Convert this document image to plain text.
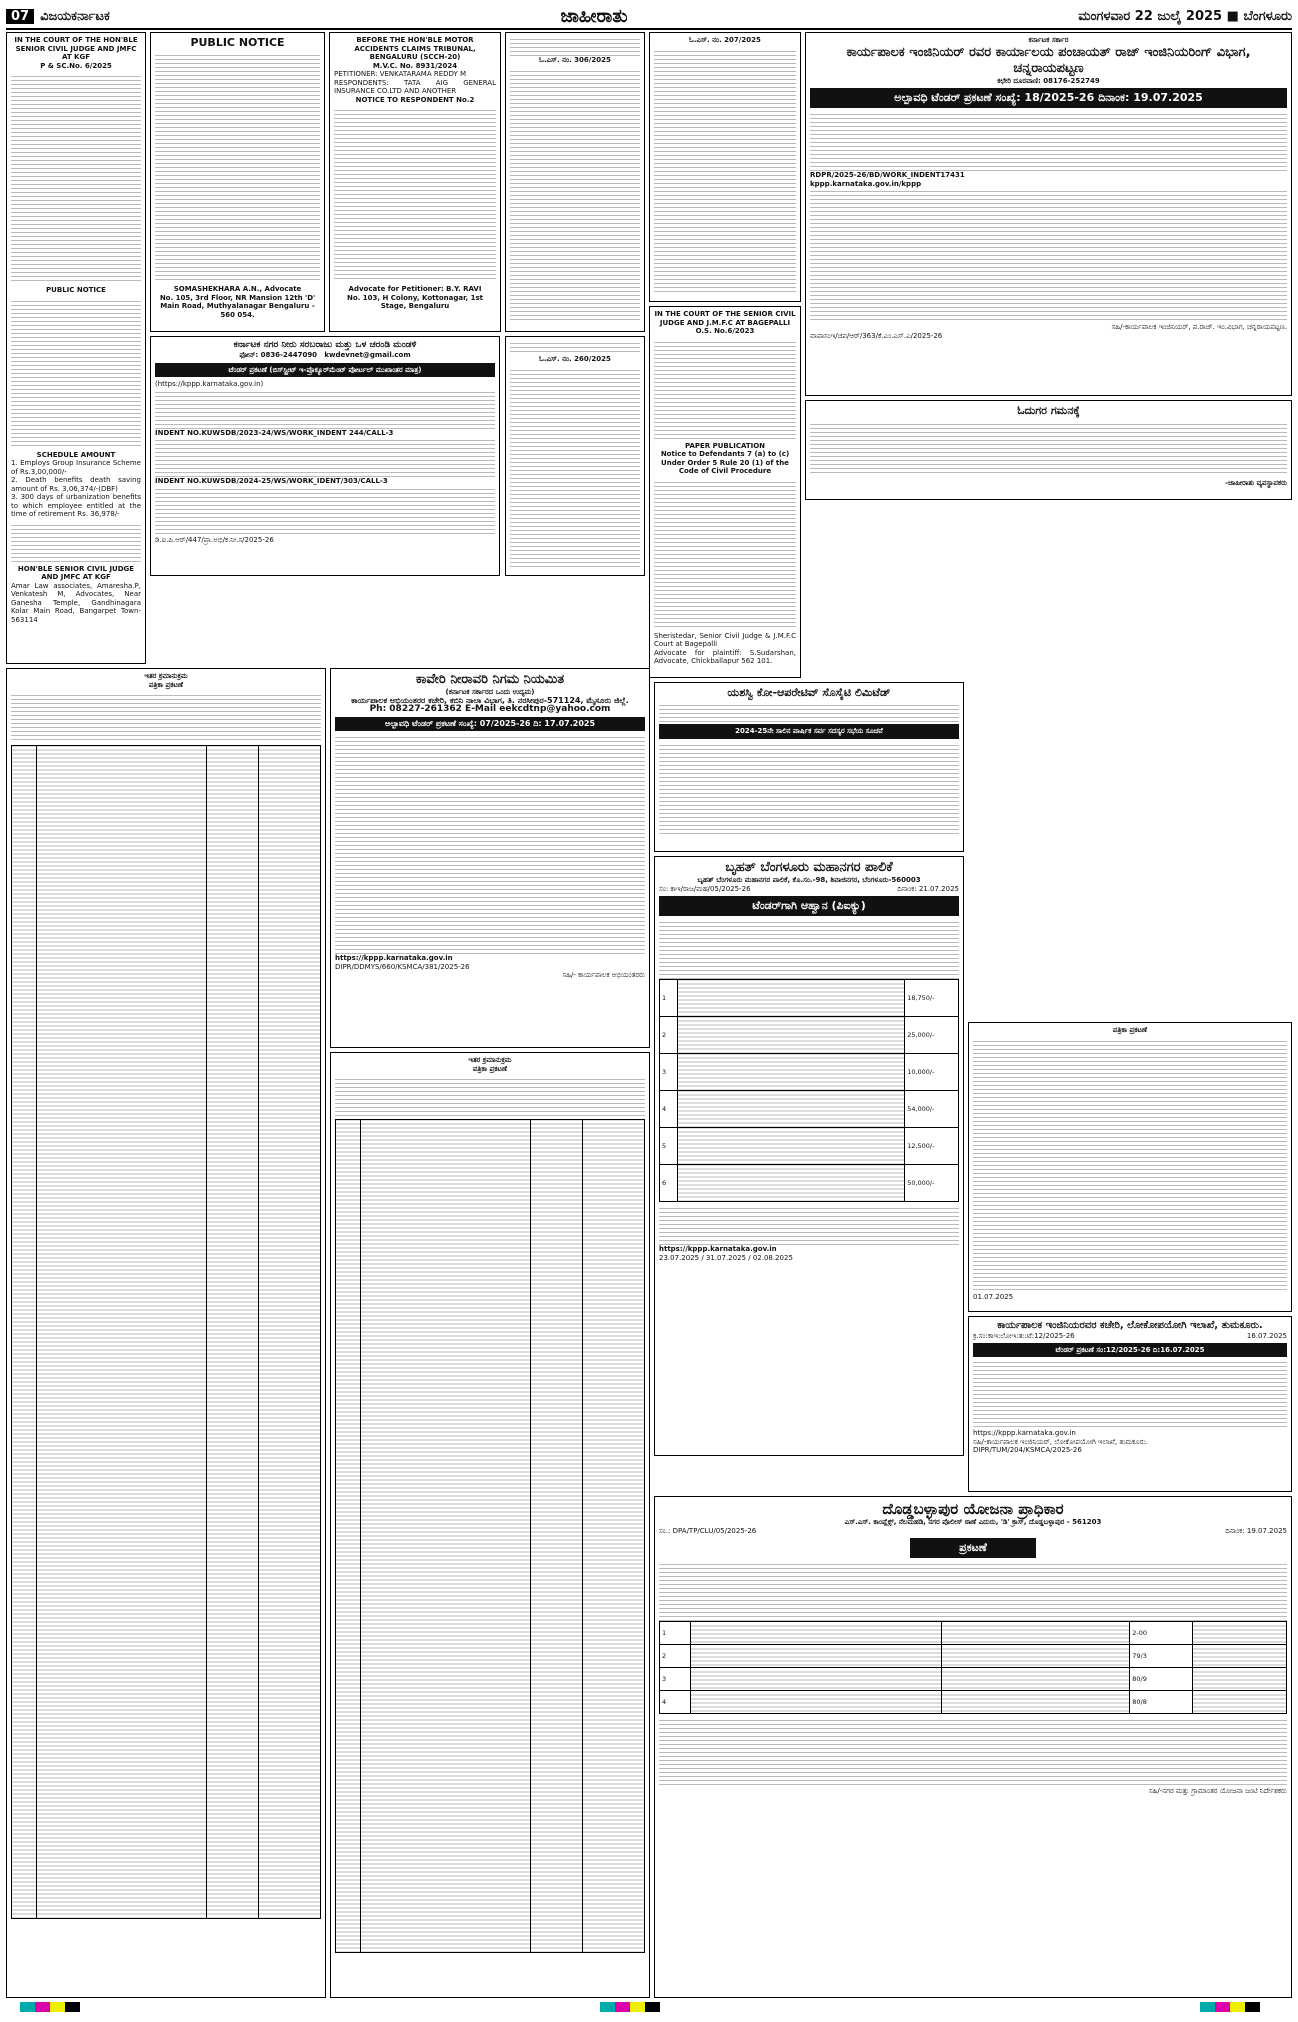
07 ವಿಜಯಕರ್ನಾಟಕ	ಜಾಹೀರಾತು	ಮಂಗಳವಾರ 22 ಜುಲೈ 2025 ■ ಬೆಂಗಳೂರು
IN THE COURT OF THE HON'BLE SENIOR CIVIL JUDGE AND JMFC AT KGF
P & SC.No. 6/2025
PUBLIC NOTICE
SCHEDULE AMOUNT
1. Employs Group Insurance Scheme of Rs.3,00,000/-
2. Death benefits death saving amount of Rs. 3,06,374/-(DBF)
3. 300 days of urbanization benefits to which employee entitled at the time of retirement Rs. 36,978/-
HON'BLE SENIOR CIVIL JUDGE AND JMFC AT KGF
Amar Law associates, Amaresha.P, Venkatesh M, Advocates, Near Ganesha Temple, Gandhinagara Kolar Main Road, Bangarpet Town-563114
PUBLIC NOTICE
SOMASHEKHARA A.N., Advocate
No. 105, 3rd Floor, NR Mansion 12th 'D' Main Road, Muthyalanagar Bengaluru - 560 054.
BEFORE THE HON'BLE MOTOR ACCIDENTS CLAIMS TRIBUNAL, BENGALURU (SCCH-20)
M.V.C. No. 8931/2024
PETITIONER: VENKATARAMA REDDY M
RESPONDENTS: TATA AIG GENERAL INSURANCE CO.LTD AND ANOTHER
NOTICE TO RESPONDENT No.2
Advocate for Petitioner: B.Y. RAVI
No. 103, H Colony, Kottonagar, 1st Stage, Bengaluru
ಓ.ಎಸ್. ನಂ. 306/2025
ಓ.ಎಸ್. ನಂ. 207/2025
ಕರ್ನಾಟಕ ನಗರ ನೀರು ಸರಬರಾಜು ಮತ್ತು ಒಳ ಚರಂಡಿ ಮಂಡಳಿ
ಫೋನ್: 0836-2447090 kwdevnet@gmail.com
ಟೆಂಡರ್ ಪ್ರಕಟಣೆ (ಬಿಸ್‌ಸ್ಟ್ರೀಟ್ ಇ-ಪ್ರೊಕ್ಯೂರ್‌ಮೆಂಟ್ ಪೋರ್ಟಲ್ ಮುಖಾಂತರ ಮಾತ್ರ)
(https://kppp.karnataka.gov.in)
INDENT NO.KUWSDB/2023-24/WS/WORK_INDENT 244/CALL-3
INDENT NO.KUWSDB/2024-25/WS/WORK_IDENT/303/CALL-3
ಡಿ.ಐ.ಪಿ.ಆರ್/447/ಪ್ರಾ.ಅಭಿ/ಕ.ನೀ.ಸ/2025-26
ಓ.ಎಸ್. ನಂ. 260/2025
IN THE COURT OF THE SENIOR CIVIL JUDGE AND J.M.F.C AT BAGEPALLI
O.S. No.6/2023
PAPER PUBLICATION
Notice to Defendants 7 (a) to (c) Under Order 5 Rule 20 (1) of the Code of Civil Procedure
Sheristedar, Senior Civil Judge & J.M.F.C Court at Bagepalli
Advocate for plaintiff: S.Sudarshan, Advocate, Chickballapur 562 101.
ಕರ್ನಾಟಕ ಸರ್ಕಾರ
ಕಾರ್ಯಪಾಲಕ ಇಂಜಿನಿಯರ್ ರವರ ಕಾರ್ಯಾಲಯ ಪಂಚಾಯತ್ ರಾಜ್ ಇಂಜಿನಿಯರಿಂಗ್ ವಿಭಾಗ, ಚನ್ನರಾಯಪಟ್ಟಣ
ಕಛೇರಿ ದೂರವಾಣಿ: 08176-252749
ಅಲ್ಪಾವಧಿ ಟೆಂಡರ್ ಪ್ರಕಟಣೆ ಸಂಖ್ಯೆ: 18/2025-26 ದಿನಾಂಕ: 19.07.2025
RDPR/2025-26/BD/WORK_INDENT17431
kppp.karnataka.gov.in/kppp
ಸಹಿ/-ಕಾರ್ಯಪಾಲಕ ಇಂಜಿನಿಯರ್, ಪ.ರಾಜ್. ಇಂ.ವಿಭಾಗ, ಚನ್ನರಾಯಪಟ್ಟಣ.
ವಾಪಾಸಂಇ/ಚಪ/ಆರ್/363/ಕೆ.ಎಂ.ಎಸ್.ಎ/2025-26
ಓದುಗರ ಗಮನಕ್ಕೆ
-ಜಾಹೀರಾತು ವ್ಯವಸ್ಥಾಪಕರು
ಇತರ ಕ್ರಮಾನುಕ್ರಮ
ಪತ್ರಿಕಾ ಪ್ರಕಟಣೆ
				ಕಾವೇರಿ ನೀರಾವರಿ ನಿಗಮ ನಿಯಮಿತ
(ಕರ್ನಾಟಕ ಸರ್ಕಾರದ ಒಂದು ಉದ್ಯಮ)
ಕಾರ್ಯಪಾಲಕ ಅಭಿಯಂತರರ ಕಚೇರಿ, ಕಬಿನಿ ನಾಲಾ ವಿಭಾಗ, ತಿ. ನರಸೀಪುರ-571124, ಮೈಸೂರು ಜಿಲ್ಲೆ.
Ph: 08227-261362 E-Mail eekcdtnp@yahoo.com
ಅಲ್ಪಾವಧಿ ಟೆಂಡರ್ ಪ್ರಕಟಣೆ ಸಂಖ್ಯೆ: 07/2025-26 ದಿ: 17.07.2025
https://kppp.karnataka.gov.in
DIPR/DDMYS/660/KSMCA/381/2025-26
ಸಹಿ/- ಕಾರ್ಯಪಾಲಕ ಅಭಿಯಂತರರು
ಇತರ ಕ್ರಮಾನುಕ್ರಮ
ಪತ್ರಿಕಾ ಪ್ರಕಟಣೆ

ಯಶಸ್ವಿ ಕೋ-ಆಪರೇಟಿವ್ ಸೊಸೈಟಿ ಲಿಮಿಟೆಡ್
2024-25ನೇ ಸಾಲಿನ ವಾರ್ಷಿಕ ಸರ್ವ ಸದಸ್ಯರ ಸಭೆಯ ಸೂಚನೆ
ಬೃಹತ್ ಬೆಂಗಳೂರು ಮಹಾನಗರ ಪಾಲಿಕೆ
ಬೃಹತ್ ಬೆಂಗಳೂರು ಮಹಾನಗರ ಪಾಲಿಕೆ, ಕೊ.ಸಂ.-98, ಶಿವಾಜಿನಗರ, ಬೆಂಗಳೂರು-560003
ಸಂ: ಕಾಇ/ರಾಜ/ಮಹ/05/2025-26	ದಿನಾಂಕ: 21.07.2025
ಟೆಂಡರ್‌ಗಾಗಿ ಆಹ್ವಾನ (ಪಿಐಕ್ಯು)
1		18,750/-
2		25,000/-
3		10,000/-
4		54,000/-
5		12,500/-
6		50,000/-
https://kppp.karnataka.gov.in
23.07.2025 / 31.07.2025 / 02.08.2025
ಪತ್ರಿಕಾ ಪ್ರಕಟಣೆ
01.07.2025
ಕಾರ್ಯಪಾಲಕ ಇಂಜಿನಿಯರವರ ಕಚೇರಿ, ಲೋಕೋಪಯೋಗಿ ಇಲಾಖೆ, ತುಮಕೂರು.
ಕ್ರ.ಸಂ:ಕಾಇ:ಲೋಇ:ತು:ಟೆ:12/2025-26	16.07.2025
ಟೆಂಡರ್ ಪ್ರಕಟಣೆ ಸಂ:12/2025-26 ದಿ:16.07.2025
https://kppp.karnataka.gov.in
ಸಹಿ/-ಕಾರ್ಯಪಾಲಕ ಇಂಜಿನಿಯರ್, ಲೋಕೋಪಯೋಗಿ ಇಲಾಖೆ, ತುಮಕೂರು.
DIPR/TUM/204/KSMCA/2025-26
ದೊಡ್ಡಬಳ್ಳಾಪುರ ಯೋಜನಾ ಪ್ರಾಧಿಕಾರ
ಎಸ್.ಎಸ್. ಕಾಂಪ್ಲೆಕ್ಸ್, ನೆಲಮಹಡಿ, ನಗರ ಪೊಲೀಸ್ ಠಾಣೆ ಎದುರು, 'ಡಿ' ಕ್ರಾಸ್, ದೊಡ್ಡಬಳ್ಳಾಪುರ - 561203
ಸಂ.: DPA/TP/CLU/05/2025-26	ದಿನಾಂಕ: 19.07.2025
ಪ್ರಕಟಣೆ
1			2-00	
2			79/3	
3			80/9	
4			80/8	
ಸಹಿ/-ನಗರ ಮತ್ತು ಗ್ರಾಮಾಂತರ ಯೋಜನಾ ಜಂಟಿ ನಿರ್ದೇಶಕರು
